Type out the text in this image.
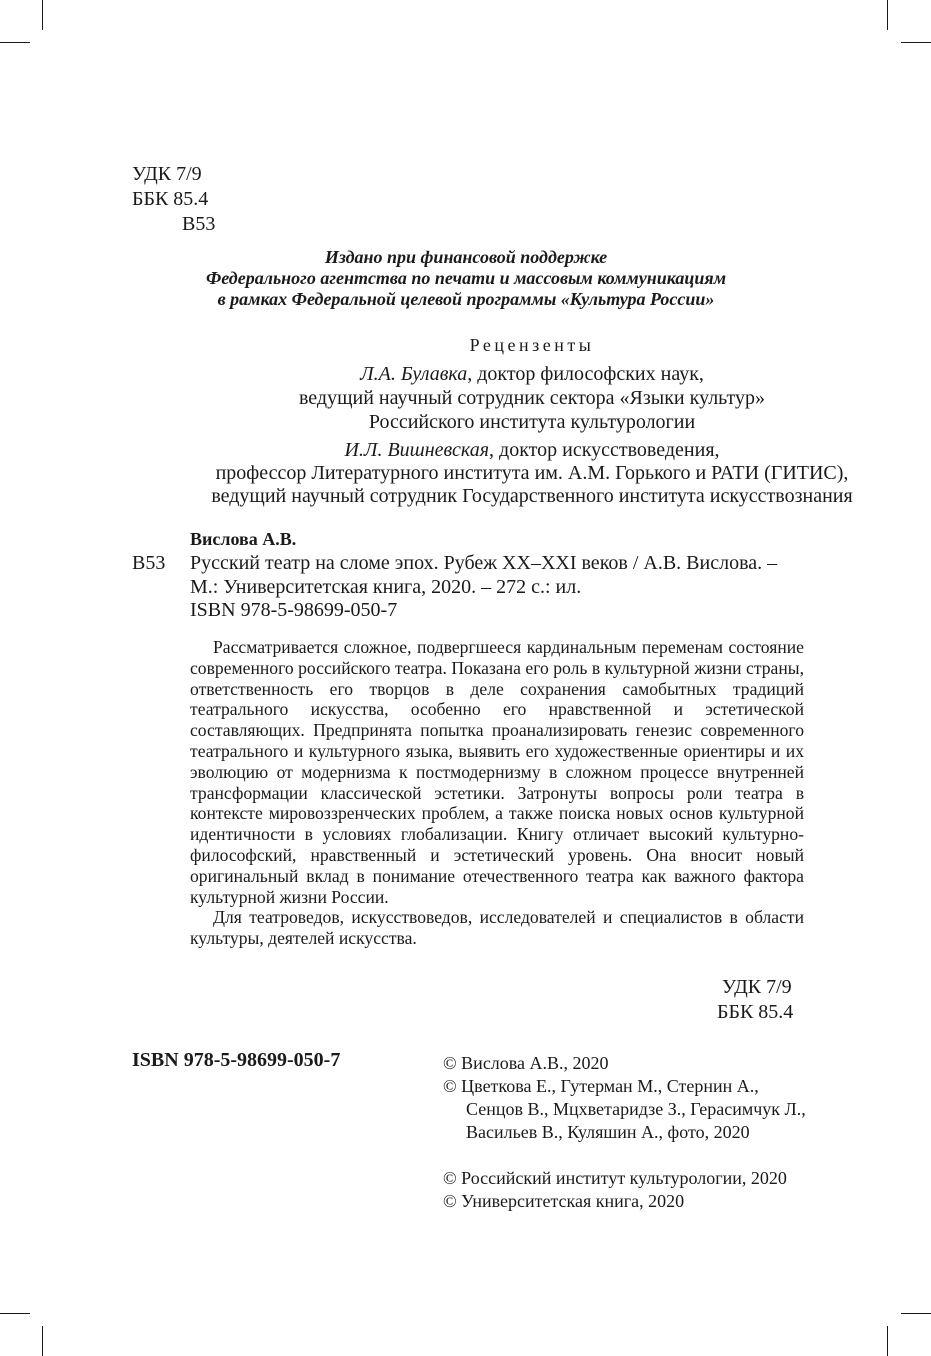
УДК 7/9
ББК 85.4
В53
Издано при финансовой поддержке
Федерального агентства по печати и массовым коммуникациям
в рамках Федеральной целевой программы «Культура России»
Рецензенты
Л.А. Булавка, доктор философских наук,
ведущий научный сотрудник сектора «Языки культур»
Российского института культурологии
И.Л. Вишневская, доктор искусствоведения,
профессор Литературного института им. А.М. Горького и РАТИ (ГИТИС),
ведущий научный сотрудник Государственного института искусствознания
Вислова А.В.
В53 Русский театр на сломе эпох. Рубеж XX–XXI веков / А.В. Вислова. –
М.: Университетская книга, 2020. – 272 с.: ил.
ISBN 978-5-98699-050-7

Рассматривается сложное, подвергшееся кардинальным переменам состояние современного российского театра. Показана его роль в культурной жизни страны, ответственность его творцов в деле сохранения самобытных традиций театрального искусства, особенно его нравственной и эстетической составляющих. Предпринята попытка проанализировать генезис современного театрального и культурного языка, выявить его художественные ориентиры и их эволюцию от модернизма к постмодернизму в сложном процессе внутренней трансформации классической эстетики. Затронуты вопросы роли театра в контексте мировоззренческих проблем, а также поиска новых основ культурной идентичности в условиях глобализации. Книгу отличает высокий культурно-философский, нравственный и эстетический уровень. Она вносит новый оригинальный вклад в понимание отечественного театра как важного фактора культурной жизни России.

Для театроведов, искусствоведов, исследователей и специалистов в области культуры, деятелей искусства.

УДК 7/9
ББК 85.4
ISBN 978-5-98699-050-7	© Вислова А.В., 2020
© Цветкова Е., Гутерман М., Стернин А.,
Сенцов В., Мцхветаридзе З., Герасимчук Л.,
Васильев В., Куляшин А., фото, 2020
© Российский институт культурологии, 2020
© Университетская книга, 2020
